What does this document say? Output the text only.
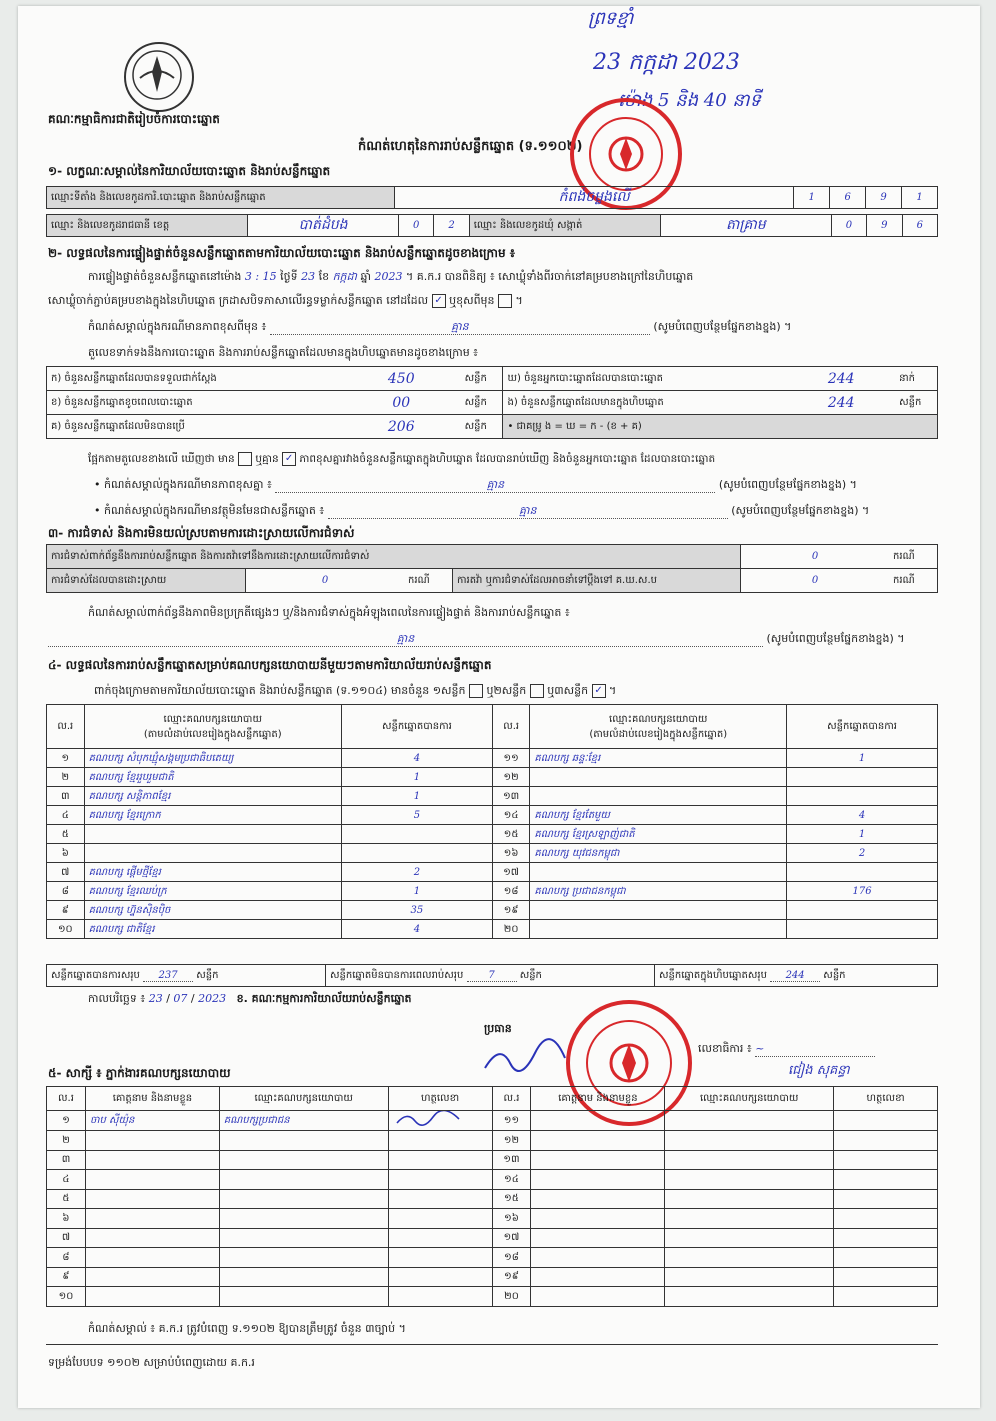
គណៈកម្មាធិការជាតិរៀបចំការបោះឆ្នោត
កំណត់ហេតុនៃការរាប់សន្លឹកឆ្នោត (ទ.១១០២)
ព្រទខ្មាំ
23 កក្កដា 2023
ម៉ោង 5 និង 40 នាទី
១- លក្ខណៈសម្គាល់នៃការិយាល័យបោះឆ្នោត និងរាប់សន្លឹកឆ្នោត
ឈ្មោះទីតាំង និងលេខកូដការិ.បោះឆ្នោត និងរាប់សន្លឹកឆ្នោត	កំពង់ចម្លងលើ	1	6	9	1
ឈ្មោះ និងលេខកូដរាជធានី ខេត្ត	បាត់ដំបង	0	2	ឈ្មោះ និងលេខកូដឃុំ សង្កាត់	តាគ្រាម	0	9	6
២- លទ្ធផលនៃការផ្ទៀងផ្ទាត់ចំនួនសន្លឹកឆ្នោតតាមការិយាល័យបោះឆ្នោត និងរាប់សន្លឹកឆ្នោតដូចខាងក្រោម ៖
ការផ្ទៀងផ្ទាត់ចំនួនសន្លឹកឆ្នោតនៅម៉ោង 3 : 15 ថ្ងៃទី 23 ខែ កក្កដា ឆ្នាំ 2023 ។ គ.ក.រ បានពិនិត្យ ៖ សោឃ្លុំទាំងពីរចាក់នៅគម្របខាងក្រៅនៃហិបឆ្នោត
សោឃ្លុំចាក់ភ្ជាប់គម្របខាងក្នុងនៃហិបឆ្នោត ក្រដាសបិទភាសាលើរន្ធទម្លាក់សន្លឹកឆ្នោត នៅដដែល ✓ ឬខុសពីមុន  ។
កំណត់សម្គាល់ក្នុងករណីមានភាពខុសពីមុន ៖	គ្មាន	(សូមបំពេញបន្ថែមផ្នែកខាងខ្នង) ។
តួលេខទាក់ទងនឹងការបោះឆ្នោត និងការរាប់សន្លឹកឆ្នោតដែលមានក្នុងហិបឆ្នោតមានដូចខាងក្រោម ៖
ក) ចំនួនសន្លឹកឆ្នោតដែលបានទទួលជាក់ស្តែង	450	សន្លឹក	ឃ) ចំនួនអ្នកបោះឆ្នោតដែលបានបោះឆ្នោត	244	នាក់
ខ) ចំនួនសន្លឹកឆ្នោតខូចពេលបោះឆ្នោត	00	សន្លឹក	ង) ចំនួនសន្លឹកឆ្នោតដែលមានក្នុងហិបឆ្នោត	244	សន្លឹក
គ) ចំនួនសន្លឹកឆ្នោតដែលមិនបានប្រើ	206	សន្លឹក	• ជាគម្រូ ង = ឃ = ក - (ខ + គ)		
ផ្អែកតាមតួលេខខាងលើ ឃើញថា មាន ឬគ្មាន ✓ ភាពខុសគ្នារវាងចំនួនសន្លឹកឆ្នោតក្នុងហិបឆ្នោត ដែលបានរាប់ឃើញ និងចំនួនអ្នកបោះឆ្នោត ដែលបានបោះឆ្នោត
• កំណត់សម្គាល់ក្នុងករណីមានភាពខុសគ្នា ៖	គ្មាន	(សូមបំពេញបន្ថែមផ្នែកខាងខ្នង) ។
• កំណត់សម្គាល់ក្នុងករណីមានវត្ថុមិនមែនជាសន្លឹកឆ្នោត ៖	គ្មាន	(សូមបំពេញបន្ថែមផ្នែកខាងខ្នង) ។
៣- ការជំទាស់ និងការមិនយល់ស្របតាមការដោះស្រាយលើការជំទាស់
ការជំទាស់ពាក់ព័ន្ធនឹងការរាប់សន្លឹកឆ្នោត និងការតវ៉ាទៅនឹងការដោះស្រាយលើការជំទាស់				0	ករណី
ការជំទាស់ដែលបានដោះស្រាយ	0	ករណី	ការតវ៉ា ឬការជំទាស់ដែលអាចនាំទៅប្តឹងទៅ គ.ឃ.ស.ប	0	ករណី
កំណត់សម្គាល់ពាក់ព័ន្ធនឹងភាពមិនប្រក្រតីផ្សេងៗ ឬ/និងការជំទាស់ក្នុងអំឡុងពេលនៃការផ្ទៀងផ្ទាត់ និងការរាប់សន្លឹកឆ្នោត ៖
គ្មាន	(សូមបំពេញបន្ថែមផ្នែកខាងខ្នង) ។
៤- លទ្ធផលនៃការរាប់សន្លឹកឆ្នោតសម្រាប់គណបក្សនយោបាយនីមួយៗតាមការិយាល័យរាប់សន្លឹកឆ្នោត
ពាក់ចុងក្រោមតាមការិយាល័យបោះឆ្នោត និងរាប់សន្លឹកឆ្នោត (ទ.១១០៤) មានចំនួន ១សន្លឹក ឬ២សន្លឹក ឬ៣សន្លឹក ✓ ។
ល.រ	ឈ្មោះគណបក្សនយោបាយ
(តាមលំដាប់លេខរៀងក្នុងសន្លឹកឆ្នោត)	សន្លឹកឆ្នោតបានការ	ល.រ	ឈ្មោះគណបក្សនយោបាយ
(តាមលំដាប់លេខរៀងក្នុងសន្លឹកឆ្នោត)	សន្លឹកឆ្នោតបានការ
១	គណបក្ស សំបុកឃ្មុំសង្គមប្រជាធិបតេយ្យ	4	១១	គណបក្ស ឆន្ទៈខ្មែរ	1
២	គណបក្ស ខ្មែររួបរួមជាតិ	1	១២		
៣	គណបក្ស សន្តិភាពខ្មែរ	1	១៣		
៤	គណបក្ស ខ្មែរក្រោក	5	១៤	គណបក្ស ខ្មែរតែមួយ	4
៥			១៥	គណបក្ស ខ្មែរស្រឡាញ់ជាតិ	1
៦			១៦	គណបក្ស យុវជនកម្ពុជា	2
៧	គណបក្ស ផ្ដើមថ្មីខ្មែរ	2	១៧		
៨	គណបក្ស ខ្មែរឈប់ក្រ	1	១៨	គណបក្ស ប្រជាជនកម្ពុជា	176
៩	គណបក្ស ហ្វ៊ុនស៊ិនប៉ិច	35	១៩		
១០	គណបក្ស ជាតិខ្មែរ	4	២០		
សន្លឹកឆ្នោតបានការសរុប 237 សន្លឹក	សន្លឹកឆ្នោតមិនបានការពេលរាប់សរុប	7	សន្លឹក	សន្លឹកឆ្នោតក្នុងហិបឆ្នោតសរុប 244 សន្លឹក
កាលបរិច្ឆេទ ៖ 23 / 07 / 2023 ខ. គណៈកម្មការការិយាល័យរាប់សន្លឹកឆ្នោត
ប្រធាន
លេខាធិការ ៖ ~
ជៀង សុគន្ធា
៥- សាក្សី ៖ ភ្នាក់ងារគណបក្សនយោបាយ
ល.រ	គោត្តនាម និងនាមខ្លួន	ឈ្មោះគណបក្សនយោបាយ	ហត្ថលេខា	ល.រ	គោត្តនាម និងនាមខ្លួន	ឈ្មោះគណបក្សនយោបាយ	ហត្ថលេខា
១	ចាប ស៊ីយ៉ុន	គណបក្សប្រជាជន		១១			
២				១២			
៣				១៣			
៤				១៤			
៥				១៥			
៦				១៦			
៧				១៧			
៨				១៨			
៩				១៩			
១០				២០			
កំណត់សម្គាល់ ៖ គ.ក.រ ត្រូវបំពេញ ទ.១១០២ ឱ្យបានត្រឹមត្រូវ ចំនួន ៣ច្បាប់ ។
ទម្រង់បែបបទ ១១០២ សម្រាប់បំពេញដោយ គ.ក.រ
